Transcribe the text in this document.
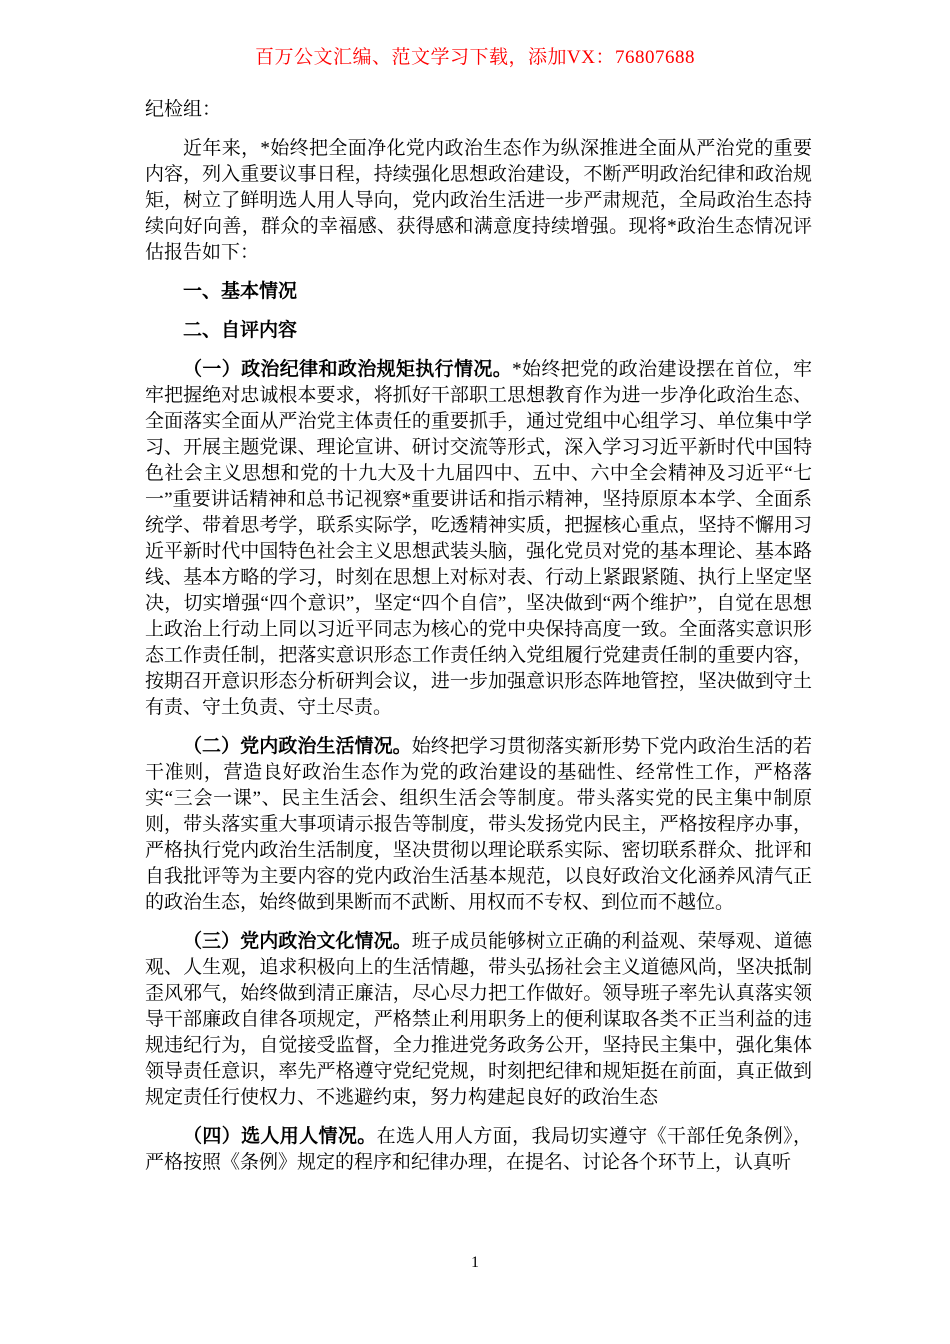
百万公文汇编、范文学习下载，添加VX：76807688

纪检组：

近年来，*始终把全面净化党内政治生态作为纵深推进全面从严治党的重要内容，列入重要议事日程，持续强化思想政治建设，不断严明政治纪律和政治规矩，树立了鲜明选人用人导向，党内政治生活进一步严肃规范，全局政治生态持续向好向善，群众的幸福感、获得感和满意度持续增强。现将*政治生态情况评估报告如下：

一、基本情况

二、自评内容

（一）政治纪律和政治规矩执行情况。*始终把党的政治建设摆在首位，牢牢把握绝对忠诚根本要求，将抓好干部职工思想教育作为进一步净化政治生态、全面落实全面从严治党主体责任的重要抓手，通过党组中心组学习、单位集中学习、开展主题党课、理论宣讲、研讨交流等形式，深入学习习近平新时代中国特色社会主义思想和党的十九大及十九届四中、五中、六中全会精神及习近平“七一”重要讲话精神和总书记视察*重要讲话和指示精神，坚持原原本本学、全面系统学、带着思考学，联系实际学，吃透精神实质，把握核心重点，坚持不懈用习近平新时代中国特色社会主义思想武装头脑，强化党员对党的基本理论、基本路线、基本方略的学习，时刻在思想上对标对表、行动上紧跟紧随、执行上坚定坚决，切实增强“四个意识”，坚定“四个自信”，坚决做到“两个维护”，自觉在思想上政治上行动上同以习近平同志为核心的党中央保持高度一致。全面落实意识形态工作责任制，把落实意识形态工作责任纳入党组履行党建责任制的重要内容，按期召开意识形态分析研判会议，进一步加强意识形态阵地管控，坚决做到守土有责、守土负责、守土尽责。

（二）党内政治生活情况。始终把学习贯彻落实新形势下党内政治生活的若干准则，营造良好政治生态作为党的政治建设的基础性、经常性工作，严格落实“三会一课”、民主生活会、组织生活会等制度。带头落实党的民主集中制原则，带头落实重大事项请示报告等制度，带头发扬党内民主，严格按程序办事，严格执行党内政治生活制度，坚决贯彻以理论联系实际、密切联系群众、批评和自我批评等为主要内容的党内政治生活基本规范，以良好政治文化涵养风清气正的政治生态，始终做到果断而不武断、用权而不专权、到位而不越位。

（三）党内政治文化情况。班子成员能够树立正确的利益观、荣辱观、道德观、人生观，追求积极向上的生活情趣，带头弘扬社会主义道德风尚，坚决抵制歪风邪气，始终做到清正廉洁，尽心尽力把工作做好。领导班子率先认真落实领导干部廉政自律各项规定，严格禁止利用职务上的便利谋取各类不正当利益的违规违纪行为，自觉接受监督，全力推进党务政务公开，坚持民主集中，强化集体领导责任意识，率先严格遵守党纪党规，时刻把纪律和规矩挺在前面，真正做到规定责任行使权力、不逃避约束，努力构建起良好的政治生态

（四）选人用人情况。在选人用人方面，我局切实遵守《干部任免条例》，严格按照《条例》规定的程序和纪律办理，在提名、讨论各个环节上，认真听

1
